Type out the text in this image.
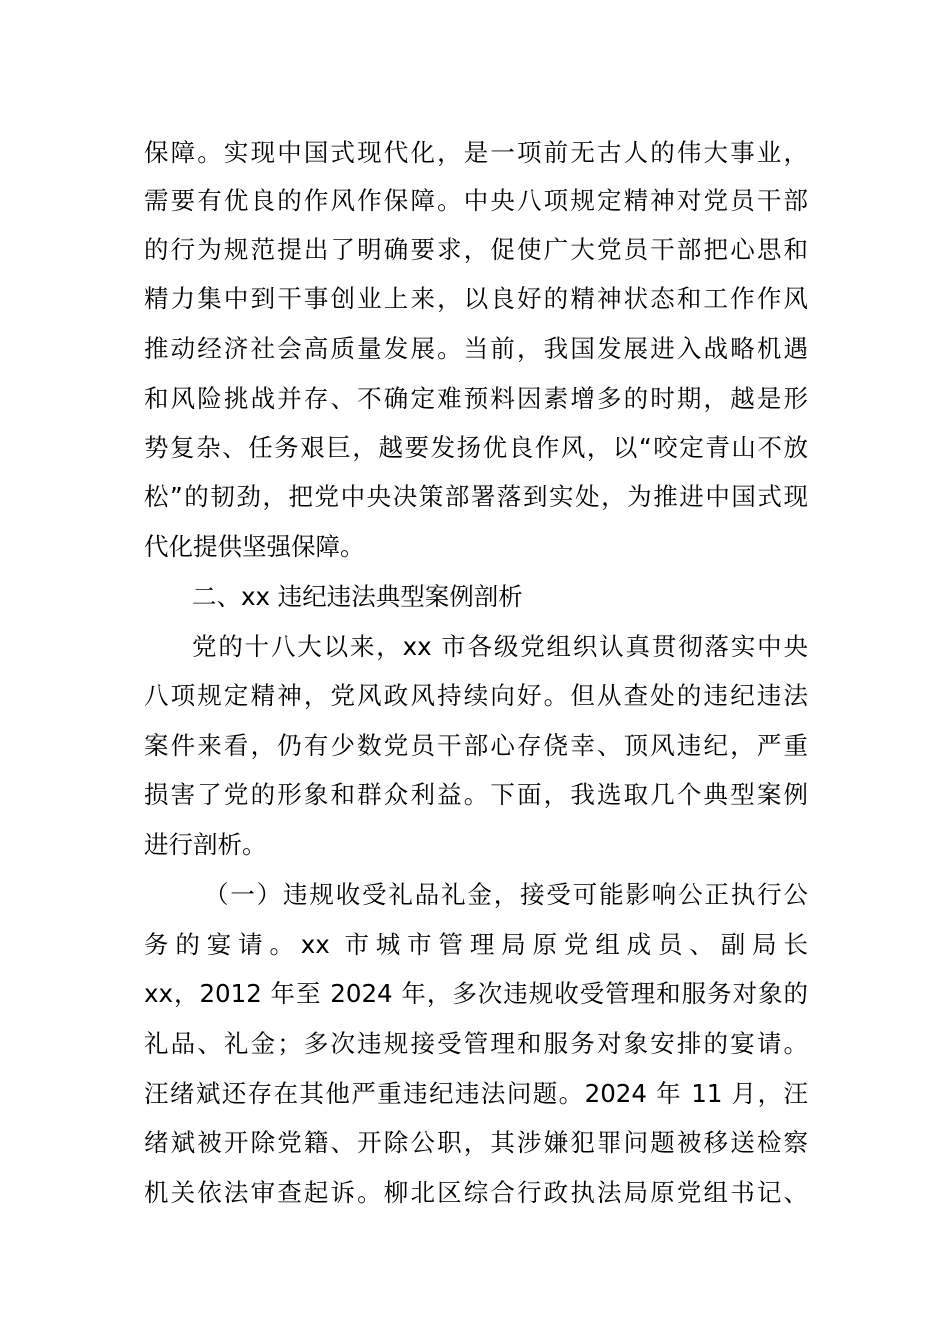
保障。实现中国式现代化，是一项前无古人的伟大事业，
需要有优良的作风作保障。中央八项规定精神对党员干部
的行为规范提出了明确要求，促使广大党员干部把心思和
精力集中到干事创业上来，以良好的精神状态和工作作风
推动经济社会高质量发展。当前，我国发展进入战略机遇
和风险挑战并存、不确定难预料因素增多的时期，越是形
势复杂、任务艰巨，越要发扬优良作风，以“咬定青山不放
松”的韧劲，把党中央决策部署落到实处，为推进中国式现
代化提供坚强保障。
二、xx 违纪违法典型案例剖析
党的十八大以来，xx 市各级党组织认真贯彻落实中央
八项规定精神，党风政风持续向好。但从查处的违纪违法
案件来看，仍有少数党员干部心存侥幸、顶风违纪，严重
损害了党的形象和群众利益。下面，我选取几个典型案例
进行剖析。
（一）违规收受礼品礼金，接受可能影响公正执行公
务的宴请。xx 市城市管理局原党组成员、副局长
xx，2012 年至 2024 年，多次违规收受管理和服务对象的
礼品、礼金；多次违规接受管理和服务对象安排的宴请。
汪绪斌还存在其他严重违纪违法问题。2024 年 11 月，汪
绪斌被开除党籍、开除公职，其涉嫌犯罪问题被移送检察
机关依法审查起诉。柳北区综合行政执法局原党组书记、
